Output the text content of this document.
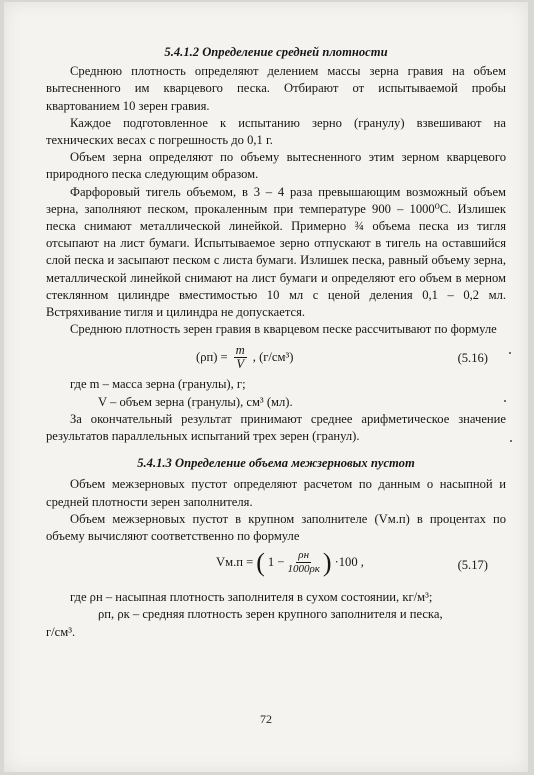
5.4.1.2 Определение средней плотности

Среднюю плотность определяют делением массы зерна гравия на объем вытесненного им кварцевого песка. Отбирают от испытываемой пробы квартованием 10 зерен гравия.

Каждое подготовленное к испытанию зерно (гранулу) взвешивают на технических весах с погрешность до 0,1 г.

Объем зерна определяют по объему вытесненного этим зерном кварцевого природного песка следующим образом.

Фарфоровый тигель объемом, в 3 – 4 раза превышающим возможный объем зерна, заполняют песком, прокаленным при температуре 900 – 1000⁰С. Излишек песка снимают металлической линейкой. Примерно ¾ объема песка из тигля отсыпают на лист бумаги. Испытываемое зерно отпускают в тигель на оставшийся слой песка и засыпают песком с листа бумаги. Излишек песка, равный объему зерна, металлической линейкой снимают на лист бумаги и определяют его объем в мерном стеклянном цилиндре вместимостью 10 мл с ценой деления 0,1 – 0,2 мл. Встряхивание тигля и цилиндра не допускается.

Среднюю плотность зерен гравия в кварцевом песке рассчитывают по формуле

$(\rho п) = \frac{m}{V}$ , (г/см³)	(5.16)

где m – масса зерна (гранулы), г;

V – объем зерна (гранулы), см³ (мл).

За окончательный результат принимают среднее арифметическое значение результатов параллельных испытаний трех зерен (гранул).

5.4.1.3 Определение объема межзерновых пустот

Объем межзерновых пустот определяют расчетом по данным о насыпной и средней плотности зерен заполнителя.

Объем межзерновых пустот в крупном заполнителе (Vм.п) в процентах по объему вычисляют соответственно по формуле

Vм.п = ( $1 - \frac{\rho н}{1000\rho к}$ ) ·100 ,	(5.17)

где ρн – насыпная плотность заполнителя в сухом состоянии, кг/м³;

ρп, ρк – средняя плотность зерен крупного заполнителя и песка,

г/см³.

72
